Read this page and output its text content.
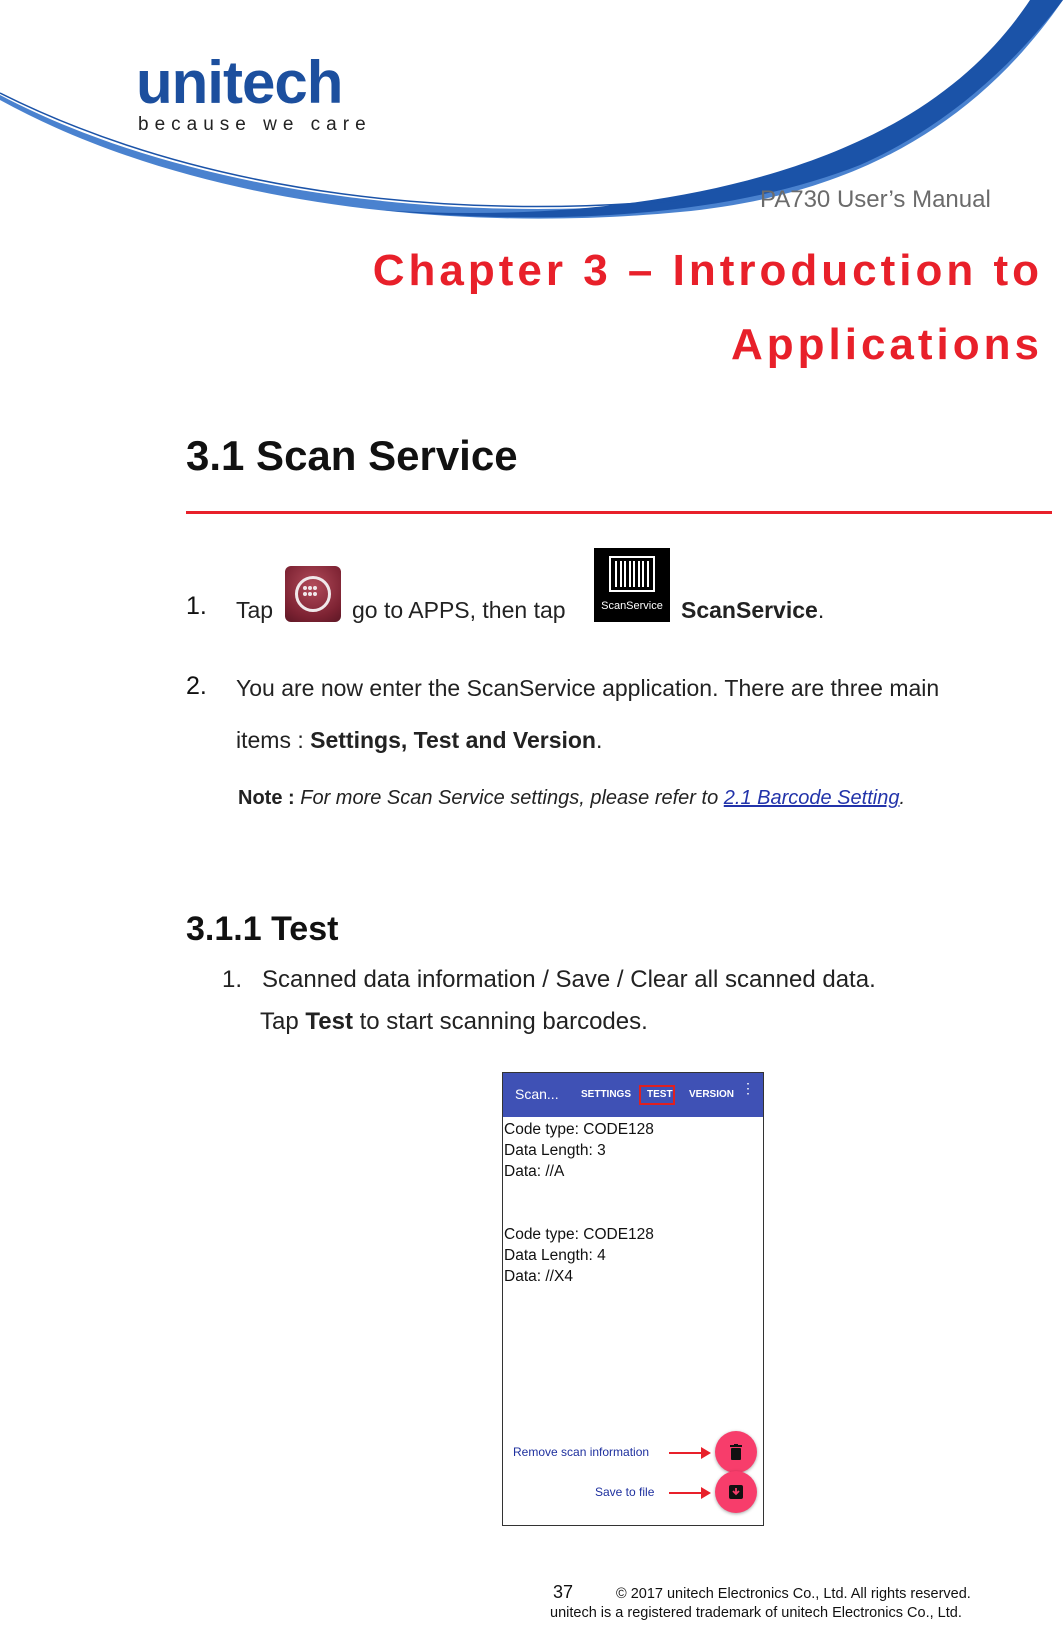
unitech
because we care
PA730 User’s Manual
Chapter 3 – Introduction to
Applications
3.1 Scan Service
1. Tap	go to APPS, then tap	ScanService ScanService.
2. You are now enter the ScanService application. There are three main
items : Settings, Test and Version.
Note : For more Scan Service settings, please refer to 2.1 Barcode Setting.
3.1.1 Test
1. Scanned data information / Save / Clear all scanned data.
Tap Test to start scanning barcodes.
Scan... SETTINGS TEST VERSION ⋮
Code type: CODE128
Data Length: 3
Data: //A
Code type: CODE128
Data Length: 4
Data: //X4
Remove scan information
Save to file
37	© 2017 unitech Electronics Co., Ltd. All rights reserved.
unitech is a registered trademark of unitech Electronics Co., Ltd.
